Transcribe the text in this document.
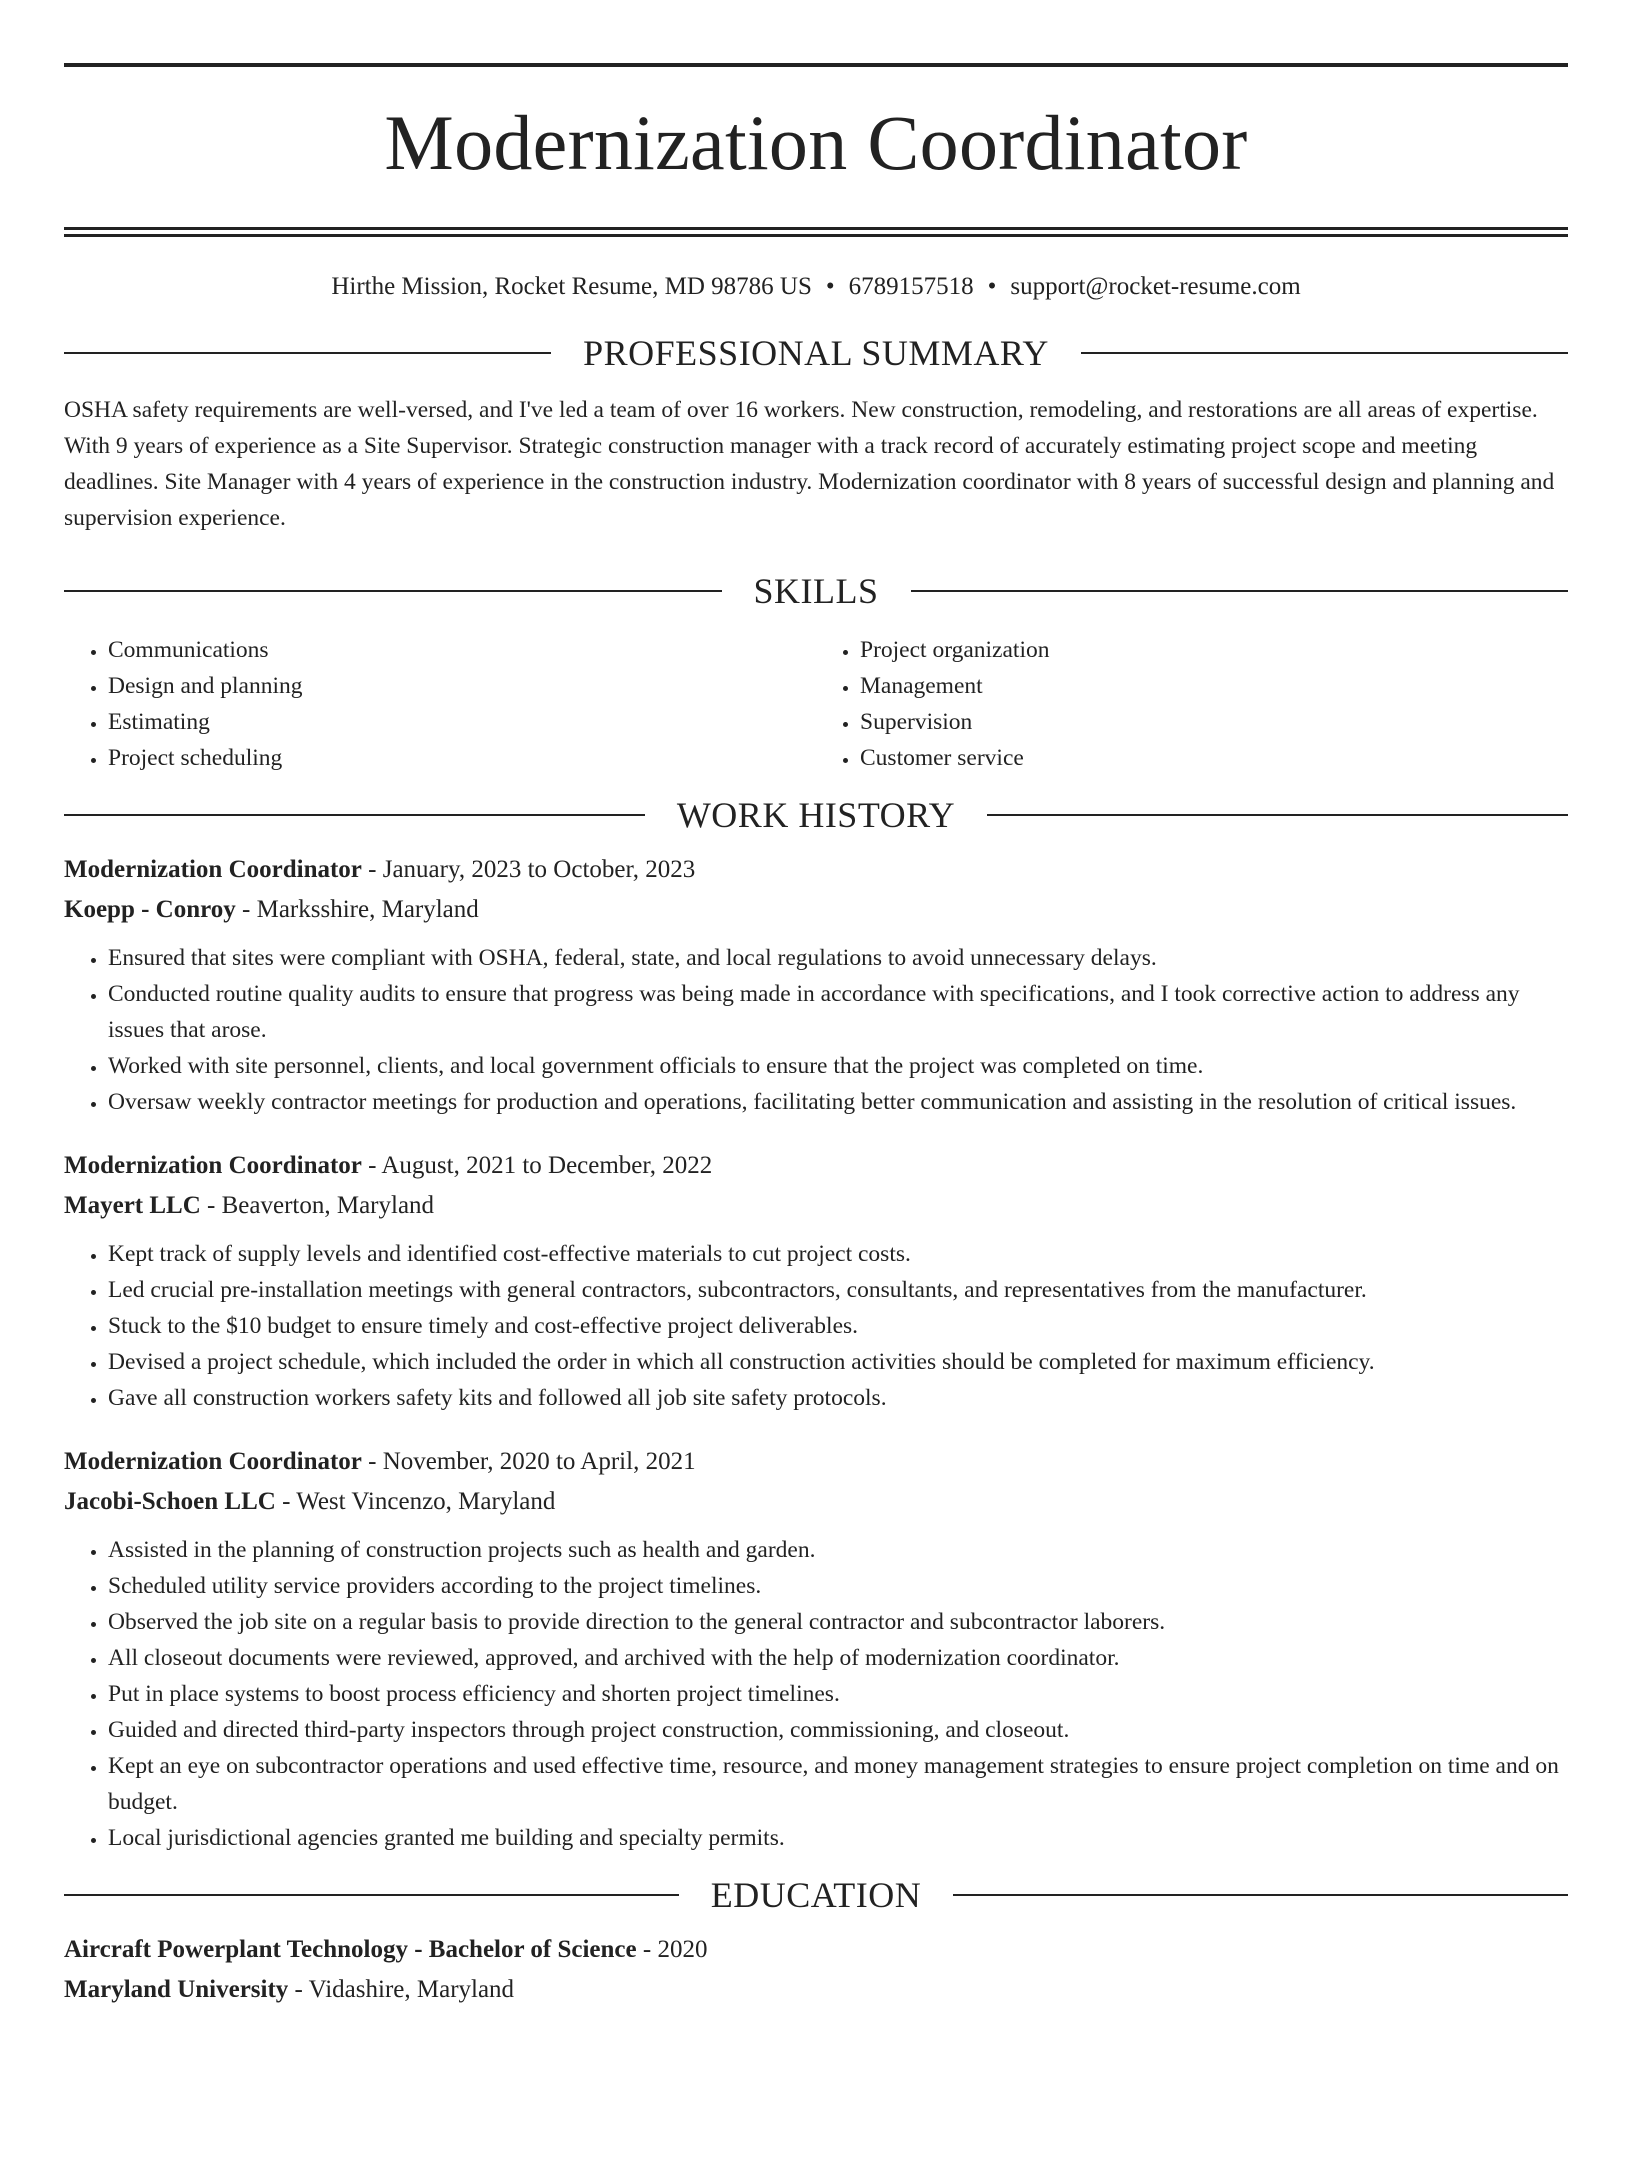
Modernization Coordinator
Hirthe Mission, Rocket Resume, MD 98786 US • 6789157518 • support@rocket-resume.com
PROFESSIONAL SUMMARY

OSHA safety requirements are well-versed, and I've led a team of over 16 workers. New construction, remodeling, and restorations are all areas of expertise. With 9 years of experience as a Site Supervisor. Strategic construction manager with a track record of accurately estimating project scope and meeting deadlines. Site Manager with 4 years of experience in the construction industry. Modernization coordinator with 8 years of successful design and planning and supervision experience.

SKILLS
• Communications
• Design and planning
• Estimating
• Project scheduling
• Project organization
• Management
• Supervision
• Customer service
WORK HISTORY
Modernization Coordinator - January, 2023 to October, 2023
Koepp - Conroy - Marksshire, Maryland
• Ensured that sites were compliant with OSHA, federal, state, and local regulations to avoid unnecessary delays.
• Conducted routine quality audits to ensure that progress was being made in accordance with specifications, and I took corrective action to address any issues that arose.
• Worked with site personnel, clients, and local government officials to ensure that the project was completed on time.
• Oversaw weekly contractor meetings for production and operations, facilitating better communication and assisting in the resolution of critical issues.
Modernization Coordinator - August, 2021 to December, 2022
Mayert LLC - Beaverton, Maryland
• Kept track of supply levels and identified cost-effective materials to cut project costs.
• Led crucial pre-installation meetings with general contractors, subcontractors, consultants, and representatives from the manufacturer.
• Stuck to the $10 budget to ensure timely and cost-effective project deliverables.
• Devised a project schedule, which included the order in which all construction activities should be completed for maximum efficiency.
• Gave all construction workers safety kits and followed all job site safety protocols.
Modernization Coordinator - November, 2020 to April, 2021
Jacobi-Schoen LLC - West Vincenzo, Maryland
• Assisted in the planning of construction projects such as health and garden.
• Scheduled utility service providers according to the project timelines.
• Observed the job site on a regular basis to provide direction to the general contractor and subcontractor laborers.
• All closeout documents were reviewed, approved, and archived with the help of modernization coordinator.
• Put in place systems to boost process efficiency and shorten project timelines.
• Guided and directed third-party inspectors through project construction, commissioning, and closeout.
• Kept an eye on subcontractor operations and used effective time, resource, and money management strategies to ensure project completion on time and on budget.
• Local jurisdictional agencies granted me building and specialty permits.
EDUCATION
Aircraft Powerplant Technology - Bachelor of Science - 2020
Maryland University - Vidashire, Maryland
